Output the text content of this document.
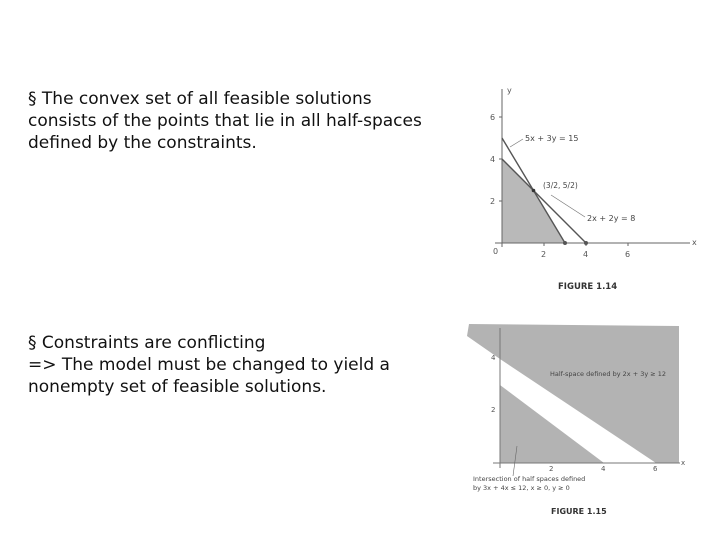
§ The convex set of all feasible solutions

consists of the points that lie in all half-spaces

defined by the constraints.

§ Constraints are conflicting

=> The model must be changed to yield a

nonempty set of feasible solutions.

y
x
6
4
2
0	2	4	6
5x + 3y = 15
(3/2, 5/2)
2x + 2y = 8
FIGURE 1.14
x
4
2
2	4	6
Half-space defined by 2x + 3y ≥ 12
Intersection of half spaces defined
by 3x + 4x ≤ 12, x ≥ 0, y ≥ 0
FIGURE 1.15
